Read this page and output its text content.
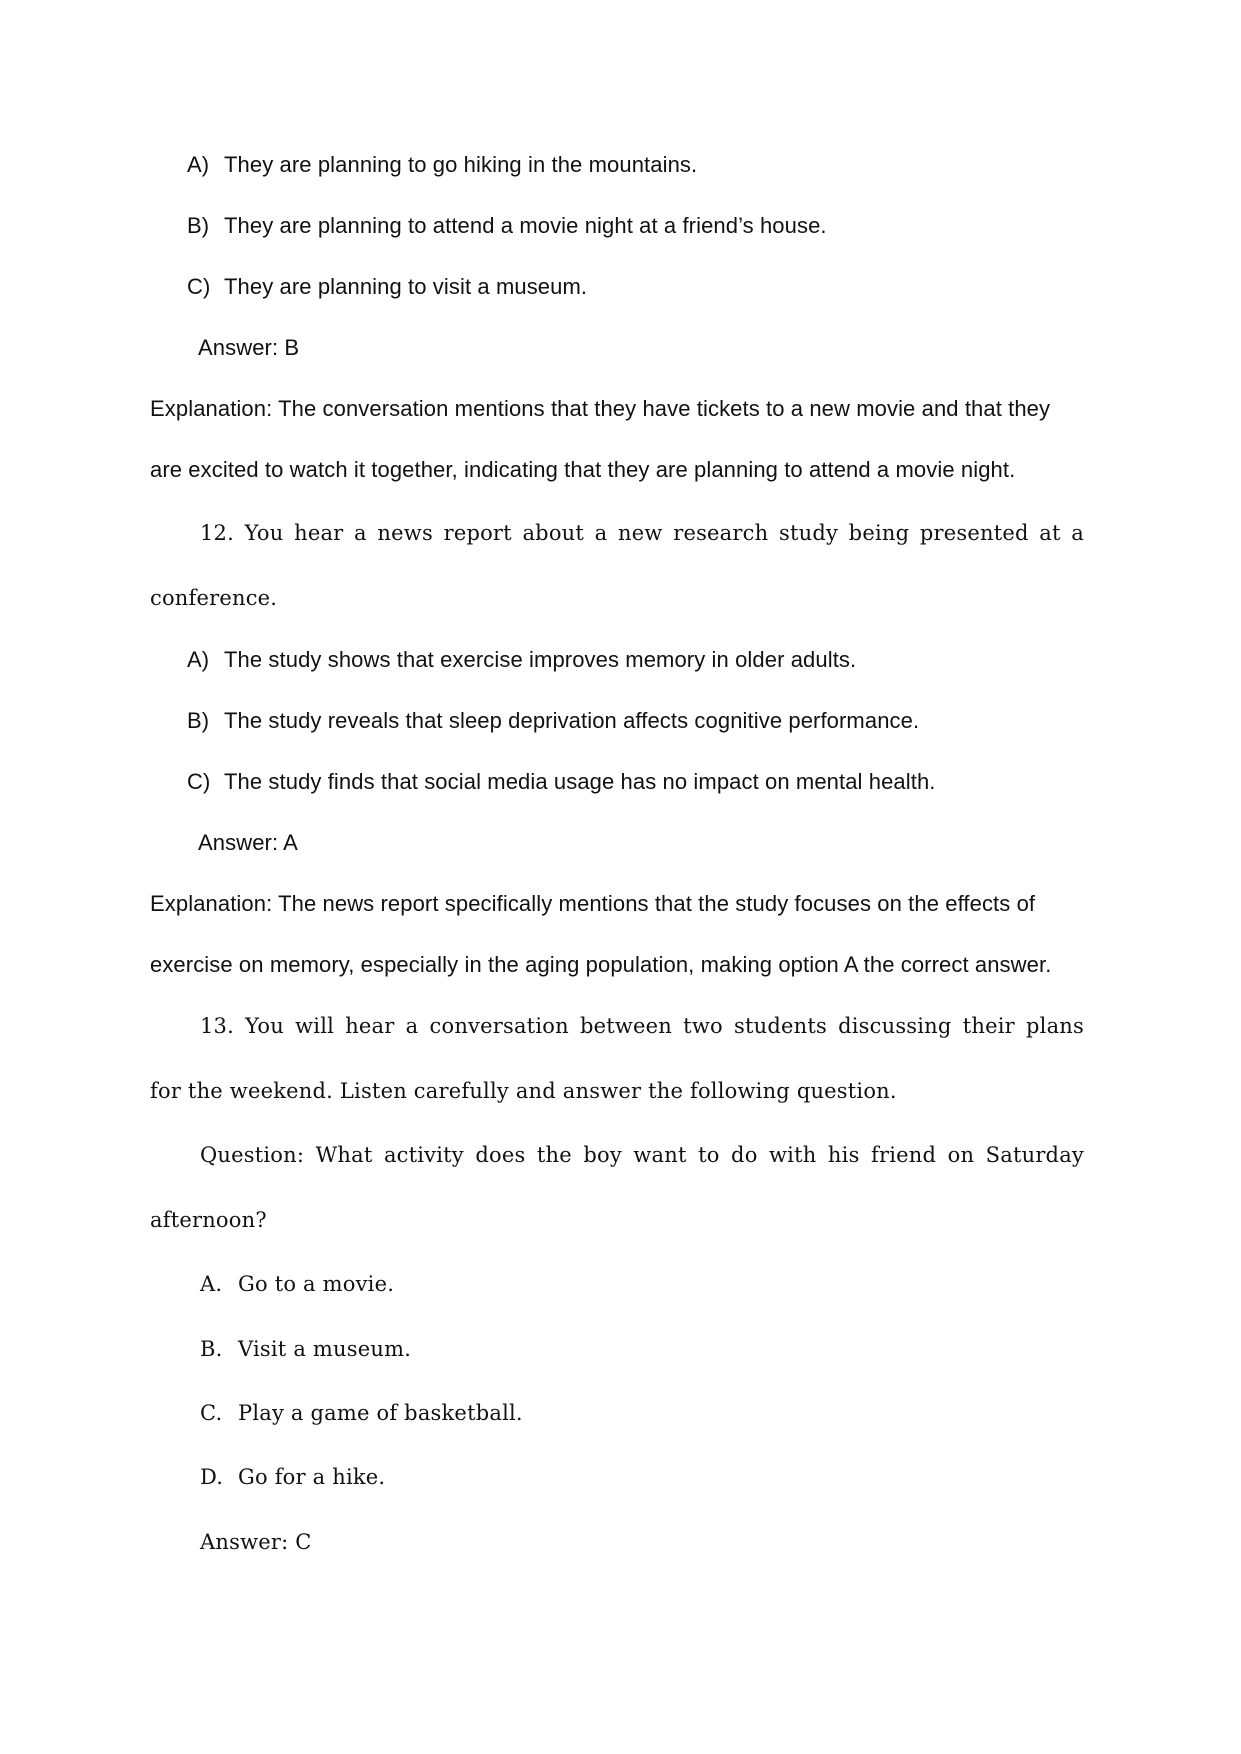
A) They are planning to go hiking in the mountains.
B) They are planning to attend a movie night at a friend’s house.
C) They are planning to visit a museum.
Answer: B
Explanation: The conversation mentions that they have tickets to a new movie and that they
are excited to watch it together, indicating that they are planning to attend a movie night.
12. You hear a news report about a new research study being presented at a
conference.
A) The study shows that exercise improves memory in older adults.
B) The study reveals that sleep deprivation affects cognitive performance.
C) The study finds that social media usage has no impact on mental health.
Answer: A
Explanation: The news report specifically mentions that the study focuses on the effects of
exercise on memory, especially in the aging population, making option A the correct answer.
13. You will hear a conversation between two students discussing their plans
for the weekend. Listen carefully and answer the following question.
Question: What activity does the boy want to do with his friend on Saturday
afternoon?
A. Go to a movie.
B. Visit a museum.
C. Play a game of basketball.
D. Go for a hike.
Answer: C
